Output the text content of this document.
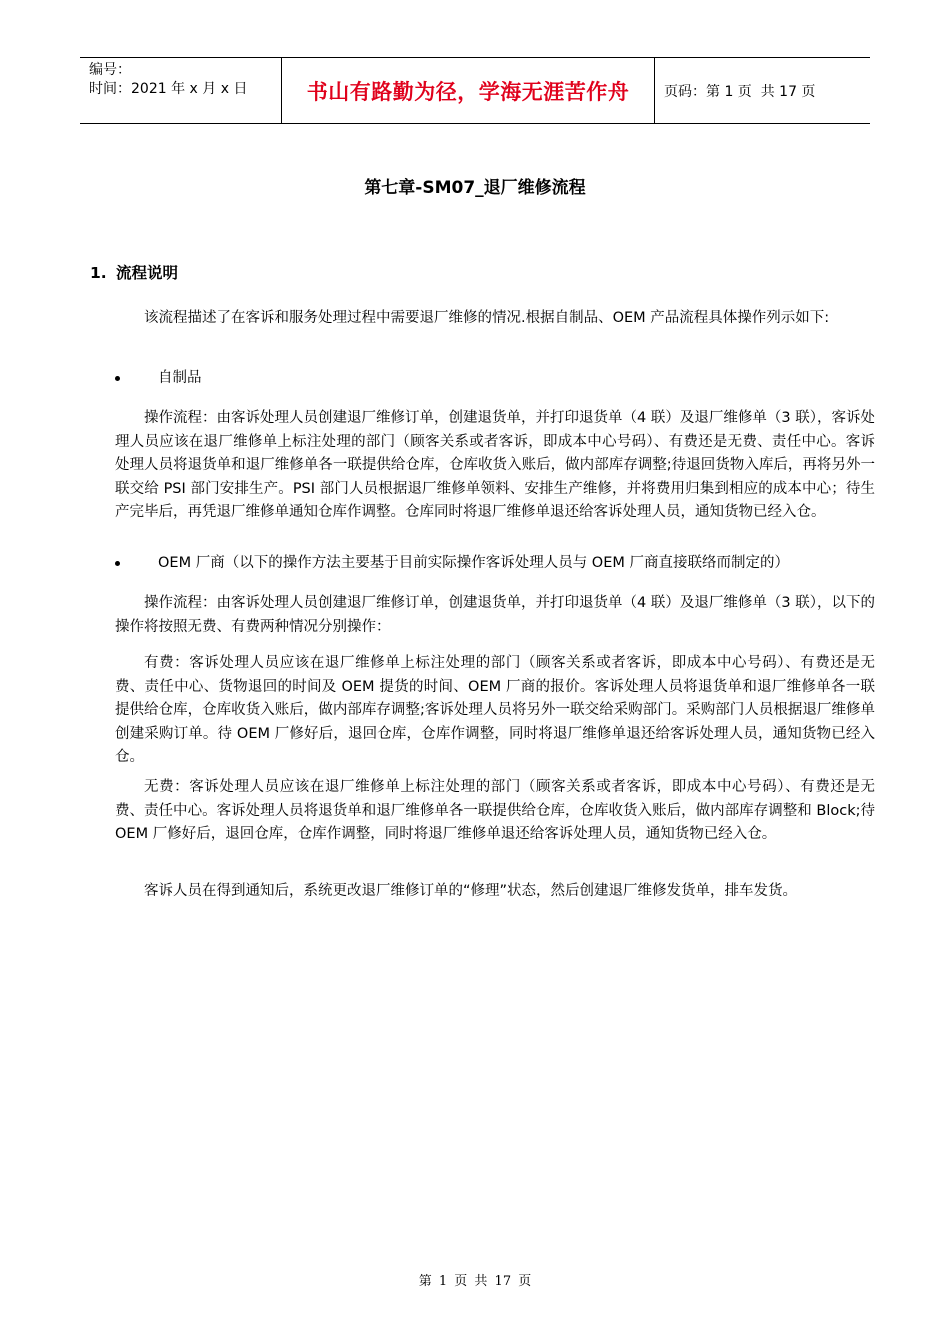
编号：
时间：2021 年 x 月 x 日	书山有路勤为径，学海无涯苦作舟	页码：第 1 页  共 17 页
第七章-SM07_退厂维修流程
1. 流程说明

该流程描述了在客诉和服务处理过程中需要退厂维修的情况.根据自制品、OEM 产品流程具体操作列示如下:

自制品

操作流程：由客诉处理人员创建退厂维修订单，创建退货单，并打印退货单（4 联）及退厂维修单（3 联），客诉处理人员应该在退厂维修单上标注处理的部门（顾客关系或者客诉，即成本中心号码）、有费还是无费、责任中心。客诉处理人员将退货单和退厂维修单各一联提供给仓库，仓库收货入账后，做内部库存调整;待退回货物入库后，再将另外一联交给 PSI 部门安排生产。PSI 部门人员根据退厂维修单领料、安排生产维修，并将费用归集到相应的成本中心；待生产完毕后，再凭退厂维修单通知仓库作调整。仓库同时将退厂维修单退还给客诉处理人员，通知货物已经入仓。

OEM 厂商（以下的操作方法主要基于目前实际操作客诉处理人员与 OEM 厂商直接联络而制定的）

操作流程：由客诉处理人员创建退厂维修订单，创建退货单，并打印退货单（4 联）及退厂维修单（3 联），以下的操作将按照无费、有费两种情况分别操作：

有费：客诉处理人员应该在退厂维修单上标注处理的部门（顾客关系或者客诉，即成本中心号码）、有费还是无费、责任中心、货物退回的时间及 OEM 提货的时间、OEM 厂商的报价。客诉处理人员将退货单和退厂维修单各一联提供给仓库，仓库收货入账后，做内部库存调整;客诉处理人员将另外一联交给采购部门。采购部门人员根据退厂维修单创建采购订单。待 OEM 厂修好后，退回仓库，仓库作调整，同时将退厂维修单退还给客诉处理人员，通知货物已经入仓。

无费：客诉处理人员应该在退厂维修单上标注处理的部门（顾客关系或者客诉，即成本中心号码）、有费还是无费、责任中心。客诉处理人员将退货单和退厂维修单各一联提供给仓库，仓库收货入账后，做内部库存调整和 Block;待 OEM 厂修好后，退回仓库，仓库作调整，同时将退厂维修单退还给客诉处理人员，通知货物已经入仓。

客诉人员在得到通知后，系统更改退厂维修订单的“修理”状态，然后创建退厂维修发货单，排车发货。

第 1 页 共 17 页
